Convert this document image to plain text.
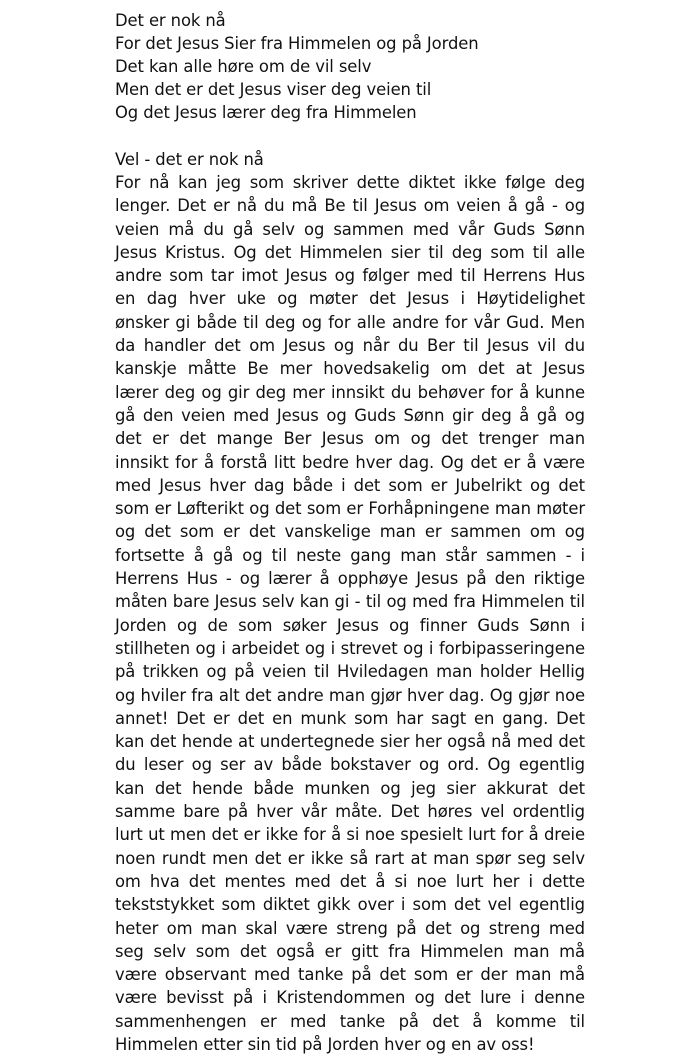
Det er nok nå
For det Jesus Sier fra Himmelen og på Jorden
Det kan alle høre om de vil selv
Men det er det Jesus viser deg veien til
Og det Jesus lærer deg fra Himmelen
Vel - det er nok nå

For nå kan jeg som skriver dette diktet ikke følge deg lenger. Det er nå du må Be til Jesus om veien å gå - og veien må du gå selv og sammen med vår Guds Sønn Jesus Kristus. Og det Himmelen sier til deg som til alle andre som tar imot Jesus og følger med til Herrens Hus en dag hver uke og møter det Jesus i Høytidelighet ønsker gi både til deg og for alle andre for vår Gud. Men da handler det om Jesus og når du Ber til Jesus vil du kanskje måtte Be mer hovedsakelig om det at Jesus lærer deg og gir deg mer innsikt du behøver for å kunne gå den veien med Jesus og Guds Sønn gir deg å gå og det er det mange Ber Jesus om og det trenger man innsikt for å forstå litt bedre hver dag. Og det er å være med Jesus hver dag både i det som er Jubelrikt og det som er Løfterikt og det som er Forhåpningene man møter og det som er det vanskelige man er sammen om og fortsette å gå og til neste gang man står sammen - i Herrens Hus - og lærer å opphøye Jesus på den riktige måten bare Jesus selv kan gi - til og med fra Himmelen til Jorden og de som søker Jesus og finner Guds Sønn i stillheten og i arbeidet og i strevet og i forbipasseringene på trikken og på veien til Hviledagen man holder Hellig og hviler fra alt det andre man gjør hver dag. Og gjør noe annet! Det er det en munk som har sagt en gang. Det kan det hende at undertegnede sier her også nå med det du leser og ser av både bokstaver og ord. Og egentlig kan det hende både munken og jeg sier akkurat det samme bare på hver vår måte. Det høres vel ordentlig lurt ut men det er ikke for å si noe spesielt lurt for å dreie noen rundt men det er ikke så rart at man spør seg selv om hva det mentes med det å si noe lurt her i dette tekststykket som diktet gikk over i som det vel egentlig heter om man skal være streng på det og streng med seg selv som det også er gitt fra Himmelen man må være observant med tanke på det som er der man må være bevisst på i Kristendommen og det lure i denne sammenhengen er med tanke på det å komme til Himmelen etter sin tid på Jorden hver og en av oss!
